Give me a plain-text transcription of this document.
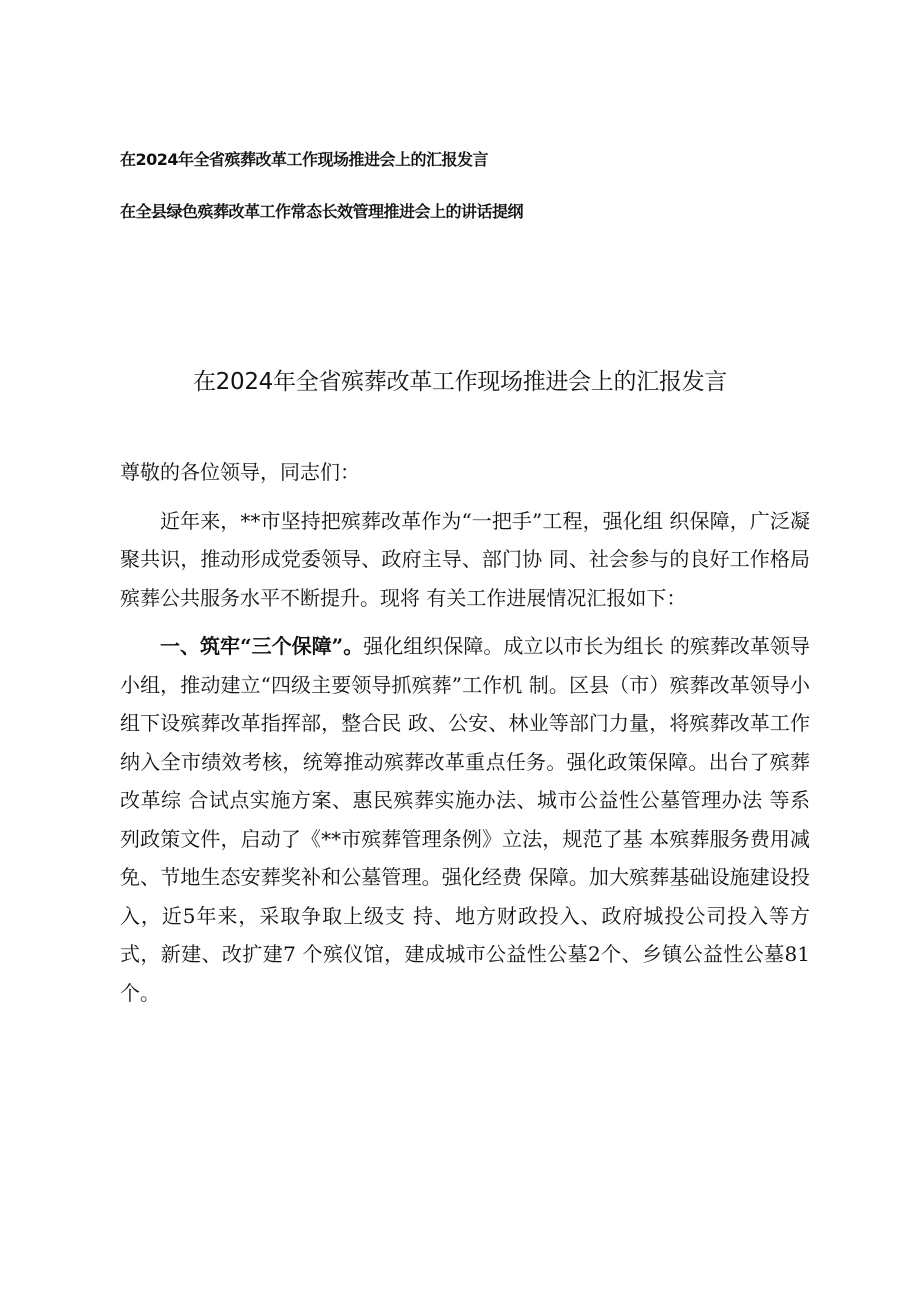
在2024年全省殡葬改革工作现场推进会上的汇报发言
在全县绿色殡葬改革工作常态长效管理推进会上的讲话提纲
在2024年全省殡葬改革工作现场推进会上的汇报发言

尊敬的各位领导，同志们：

近年来，**市坚持把殡葬改革作为“一把手”工程，强化组 织保障，广泛凝聚共识，推动形成党委领导、政府主导、部门协 同、社会参与的良好工作格局殡葬公共服务水平不断提升。现将 有关工作进展情况汇报如下：

一、筑牢“三个保障”。强化组织保障。成立以市长为组长 的殡葬改革领导小组，推动建立“四级主要领导抓殡葬”工作机 制。区县（市）殡葬改革领导小组下设殡葬改革指挥部，整合民 政、公安、林业等部门力量，将殡葬改革工作纳入全市绩效考核，统筹推动殡葬改革重点任务。强化政策保障。出台了殡葬改革综 合试点实施方案、惠民殡葬实施办法、城市公益性公墓管理办法 等系列政策文件，启动了《**市殡葬管理条例》立法，规范了基 本殡葬服务费用减免、节地生态安葬奖补和公墓管理。强化经费 保障。加大殡葬基础设施建设投入，近5年来，采取争取上级支 持、地方财政投入、政府城投公司投入等方式，新建、改扩建7 个殡仪馆，建成城市公益性公墓2个、乡镇公益性公墓81个。
